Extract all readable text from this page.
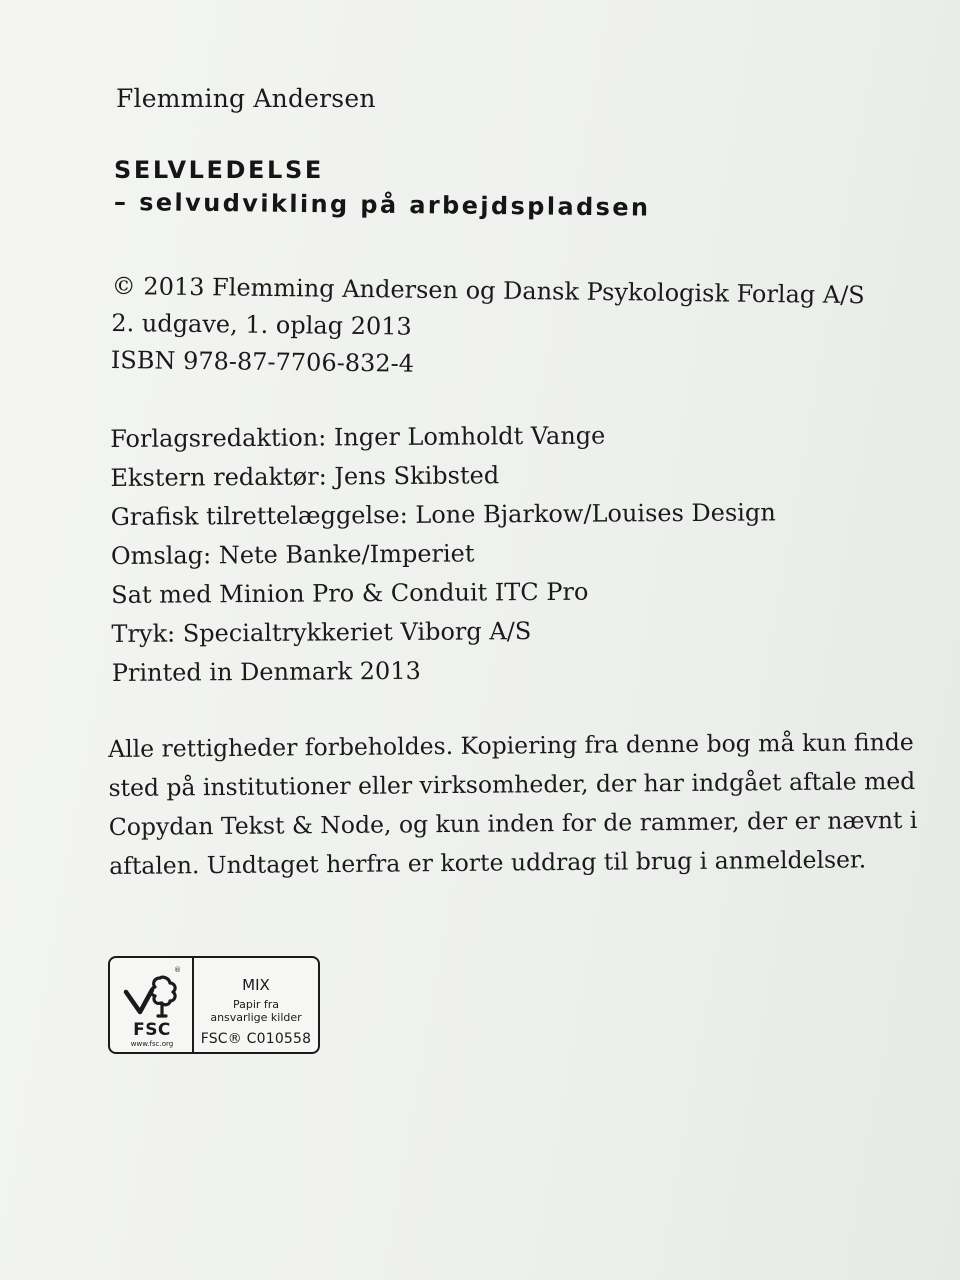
Flemming Andersen
SELVLEDELSE
– selvudvikling på arbejdspladsen
© 2013 Flemming Andersen og Dansk Psykologisk Forlag A/S
2. udgave, 1. oplag 2013
ISBN 978-87-7706-832-4
Forlagsredaktion: Inger Lomholdt Vange
Ekstern redaktør: Jens Skibsted
Grafisk tilrettelæggelse: Lone Bjarkow/Louises Design
Omslag: Nete Banke/Imperiet
Sat med Minion Pro & Conduit ITC Pro
Tryk: Specialtrykkeriet Viborg A/S
Printed in Denmark 2013

Alle rettigheder forbeholdes. Kopiering fra denne bog må kun finde

sted på institutioner eller virksomheder, der har indgået aftale med

Copydan Tekst & Node, og kun inden for de rammer, der er nævnt i

aftalen. Undtaget herfra er korte uddrag til brug i anmeldelser.

®
FSC
www.fsc.org
MIX
Papir fra
ansvarlige kilder
FSC® C010558
